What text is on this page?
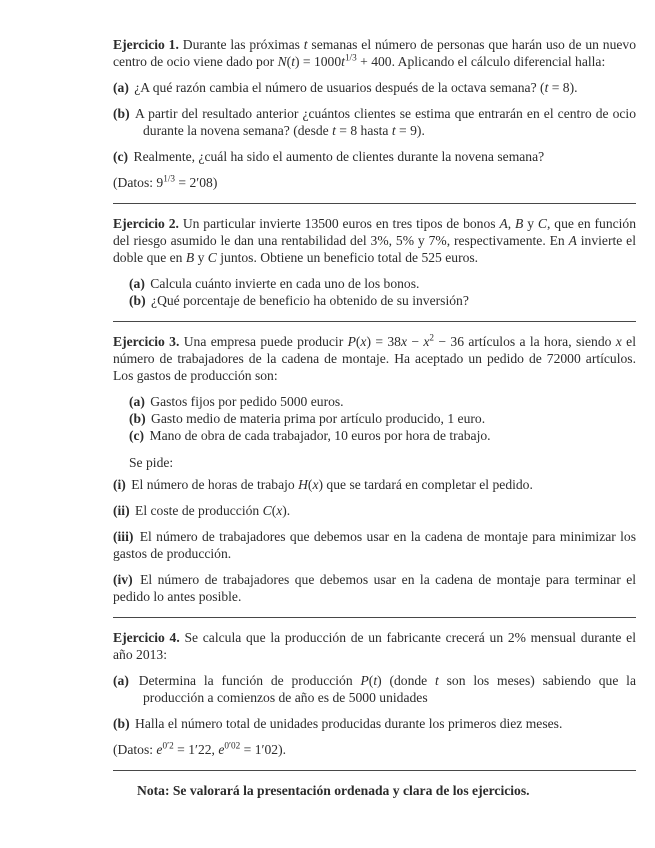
Ejercicio 1. Durante las próximas t semanas el número de personas que harán uso de un nuevo centro de ocio viene dado por $N(t) = 1000t^{1/3} + 400$. Aplicando el cálculo diferencial halla:
(a) ¿A qué razón cambia el número de usuarios después de la octava semana? (t = 8).
(b) A partir del resultado anterior ¿cuántos clientes se estima que entrarán en el centro de ocio durante la novena semana? (desde t = 8 hasta t = 9).
(c) Realmente, ¿cuál ha sido el aumento de clientes durante la novena semana?
(Datos: $9^{1/3} = 2'08$)
Ejercicio 2. Un particular invierte 13500 euros en tres tipos de bonos A, B y C, que en función del riesgo asumido le dan una rentabilidad del 3%, 5% y 7%, respectivamente. En A invierte el doble que en B y C juntos. Obtiene un beneficio total de 525 euros.
(a) Calcula cuánto invierte en cada uno de los bonos.
(b) ¿Qué porcentaje de beneficio ha obtenido de su inversión?
Ejercicio 3. Una empresa puede producir $P(x) = 38x - x^2 - 36$ artículos a la hora, siendo x el número de trabajadores de la cadena de montaje. Ha aceptado un pedido de 72000 artículos. Los gastos de producción son:
(a) Gastos fijos por pedido 5000 euros.
(b) Gasto medio de materia prima por artículo producido, 1 euro.
(c) Mano de obra de cada trabajador, 10 euros por hora de trabajo.
Se pide:
(i) El número de horas de trabajo H(x) que se tardará en completar el pedido.
(ii) El coste de producción C(x).
(iii) El número de trabajadores que debemos usar en la cadena de montaje para minimizar los gastos de producción.
(iv) El número de trabajadores que debemos usar en la cadena de montaje para terminar el pedido lo antes posible.
Ejercicio 4. Se calcula que la producción de un fabricante crecerá un 2% mensual durante el año 2013:
(a) Determina la función de producción P(t) (donde t son los meses) sabiendo que la producción a comienzos de año es de 5000 unidades
(b) Halla el número total de unidades producidas durante los primeros diez meses.
(Datos: $e^{0'2} = 1'22$, $e^{0'02} = 1'02$).
Nota: Se valorará la presentación ordenada y clara de los ejercicios.
